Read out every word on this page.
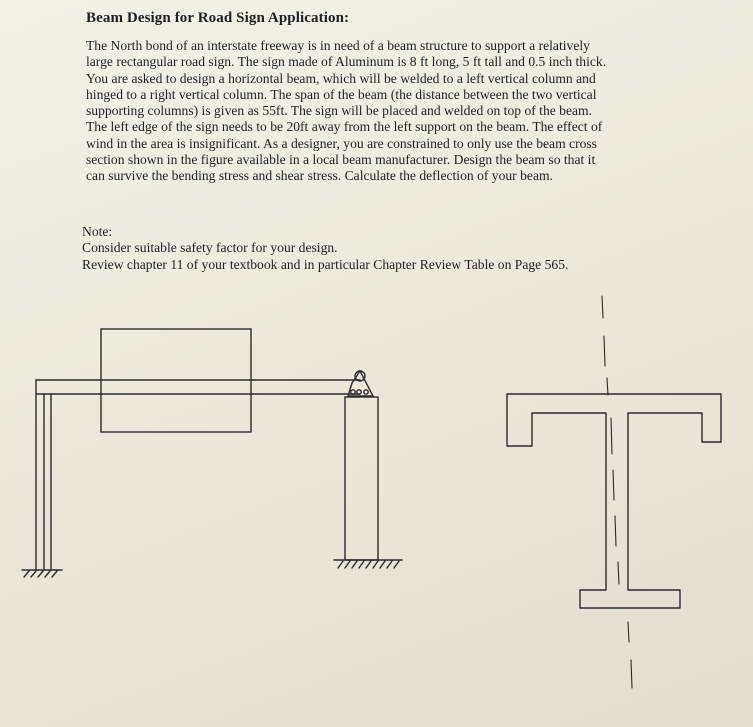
Beam Design for Road Sign Application:
The North bond of an interstate freeway is in need of a beam structure to support a relatively
large rectangular road sign. The sign made of Aluminum is 8 ft long, 5 ft tall and 0.5 inch thick.
You are asked to design a horizontal beam, which will be welded to a left vertical column and
hinged to a right vertical column. The span of the beam (the distance between the two vertical
supporting columns) is given as 55ft. The sign will be placed and welded on top of the beam.
The left edge of the sign needs to be 20ft away from the left support on the beam. The effect of
wind in the area is insignificant. As a designer, you are constrained to only use the beam cross
section shown in the figure available in a local beam manufacturer. Design the beam so that it
can survive the bending stress and shear stress. Calculate the deflection of your beam.
Note:
Consider suitable safety factor for your design.
Review chapter 11 of your textbook and in particular Chapter Review Table on Page 565.
